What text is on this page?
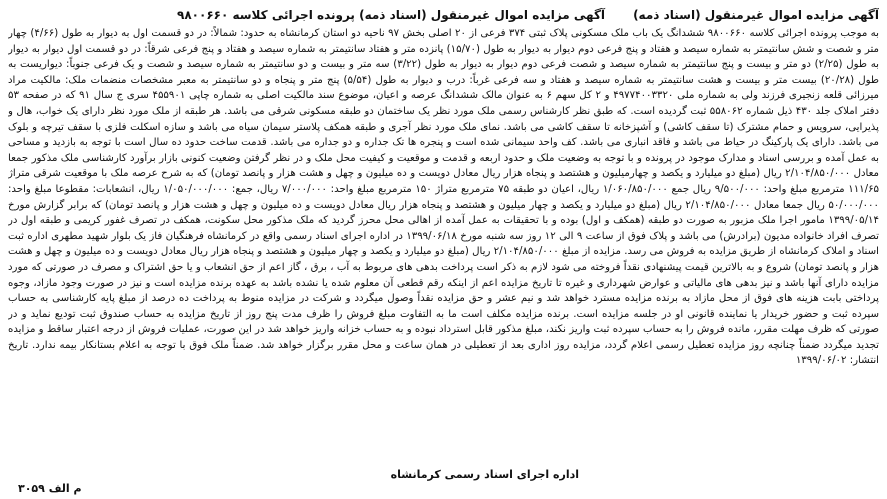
آگهی مزایده اموال غیرمنقول (اسناد ذمه)
آگهی مزایده اموال غیرمنقول (اسناد ذمه) پرونده اجرائی کلاسه ۹۸۰۰۶۶۰
به موجب پرونده اجرائی کلاسه ۹۸۰۰۶۶۰ ششدانگ یک باب ملک مسکونی پلاک ثبتی ۳۷۴ فرعی از ۲۰ اصلی بخش ۹۷ ناحیه دو استان کرمانشاه به حدود: شمالاً: در دو قسمت اول به دیوار به طول (۴/۶۶) چهار متر و شصت و شش سانتیمتر به شماره سیصد و هفتاد و پنج فرعی دوم دیوار به دیوار به طول (۱۵/۷۰) پانزده متر و هفتاد سانتیمتر به شماره سیصد و هفتاد و پنج فرعی شرقاً: در دو قسمت اول دیوار به دیوار به طول (۲/۲۵) دو متر و بیست و پنج سانتیمتر به شماره سیصد و شصت فرعی دوم دیوار به دیوار به طول (۳/۲۲) سه متر و بیست و دو سانتیمتر به شماره سیصد و شصت و یک فرعی جنوباً: دیواریست به طول (۲۰/۲۸) بیست متر و بیست و هشت سانتیمتر به شماره سیصد و هفتاد و سه فرعی غرباً: درب و دیوار به طول (۵/۵۴) پنج متر و پنجاه و دو سانتیمتر به معبر مشخصات منضمات ملک: مالکیت مراد میرزائی قلعه زنجیری فرزند ولی به شماره ملی ۴۹۷۷۴۰۰۳۳۲۰ و ۲ کل سهم ۶ به عنوان مالک ششدانگ عرصه و اعیان، موضوع سند مالکیت اصلی به شماره چاپی ۴۵۵۹۰۱ سری ج سال ۹۱ که در صفحه ۵۳ دفتر املاک جلد ۴۳۰ ذیل شماره ۵۵۸۰۶۲ ثبت گردیده است. که طبق نظر کارشناس رسمی ملک مورد نظر یک ساختمان دو طبقه مسکونی شرقی می باشد. هر طبقه از ملک مورد نظر دارای یک خواب، هال و پذیرایی، سرویس و حمام مشترک (تا سقف کاشی) و آشپزخانه تا سقف کاشی می باشد. نمای ملک مورد نظر آجری و طبقه همکف پلاستر سیمان سیاه می باشد و سازه اسکلت فلزی با سقف تیرچه و بلوک می باشد. دارای یک پارکینگ در حیاط می باشد و فاقد انباری می باشد. کف واحد سیمانی شده است و پنجره ها تک جداره و دو جداره می باشد. قدمت ساخت حدود ده سال است با توجه به بازدید و مساحی به عمل آمده و بررسی اسناد و مدارک موجود در پرونده و با توجه به وضعیت ملک و حدود اربعه و قدمت و موقعیت و کیفیت محل ملک و در نظر گرفتن وضعیت کنونی بازار برآورد کارشناسی ملک مذکور جمعا معادل ۲/۱۰۴/۸۵۰/۰۰۰ ریال (مبلغ دو میلیارد و یکصد و چهارمیلیون و هشتصد و پنجاه هزار ریال معادل دویست و ده میلیون و چهل و هشت هزار و پانصد تومان) که به شرح عرصه ملک با موقعیت شرقی متراژ ۱۱۱/۶۵ مترمربع مبلغ واحد: ۹/۵۰۰/۰۰۰ ریال جمع ۱/۰۶۰/۸۵۰/۰۰۰ ریال، اعیان دو طبقه ۷۵ مترمربع متراژ ۱۵۰ مترمربع مبلغ واحد: ۷/۰۰۰/۰۰۰ ریال، جمع: ۱/۰۵۰/۰۰۰/۰۰۰ ریال، انشعابات: مقطوعا مبلغ واحد: ۵۰/۰۰۰/۰۰۰ ریال جمعا معادل ۲/۱۰۴/۸۵۰/۰۰۰ ریال (مبلغ دو میلیارد و یکصد و چهار میلیون و هشتصد و پنجاه هزار ریال معادل دویست و ده میلیون و چهل و هشت هزار و پانصد تومان) که برابر گزارش مورخ ۱۳۹۹/۰۵/۱۴ مامور اجرا ملک مزبور به صورت دو طبقه (همکف و اول) بوده و با تحقیقات به عمل آمده از اهالی محل محرز گردید که ملک مذکور محل سکونت، همکف در تصرف غفور کریمی و طبقه اول در تصرف افراد خانواده مدیون (برادرش) می باشد و پلاک فوق از ساعت ۹ الی ۱۲ روز سه شنبه مورخ ۱۳۹۹/۰۶/۱۸ در اداره اجرای اسناد رسمی واقع در کرمانشاه فرهنگیان فاز یک بلوار شهید مطهری اداره ثبت اسناد و املاک کرمانشاه از طریق مزایده به فروش می رسد. مزایده از مبلغ ۲/۱۰۴/۸۵۰/۰۰۰ ریال (مبلغ دو میلیارد و یکصد و چهار میلیون و هشتصد و پنجاه هزار ریال معادل دویست و ده میلیون و چهل و هشت هزار و پانصد تومان) شروع و به بالاترین قیمت پیشنهادی نقداً فروخته می شود لازم به ذکر است پرداخت بدهی های مربوط به آب ، برق ، گاز اعم از حق انشعاب و یا حق اشتراک و مصرف در صورتی که مورد مزایده دارای آنها باشد و نیز بدهی های مالیاتی و عوارض شهرداری و غیره تا تاریخ مزایده اعم از اینکه رقم قطعی آن معلوم شده یا نشده باشد به عهده برنده مزایده است و نیز در صورت وجود مازاد، وجوه پرداختی بابت هزینه های فوق از محل مازاد به برنده مزایده مسترد خواهد شد و نیم عشر و حق مزایده نقداً وصول میگردد و شرکت در مزایده منوط به پرداخت ده درصد از مبلغ پایه کارشناسی به حساب سپرده ثبت و حضور خریدار یا نماینده قانونی او در جلسه مزایده است. برنده مزایده مکلف است ما به التفاوت مبلغ فروش را ظرف مدت پنج روز از تاریخ مزایده به حساب صندوق ثبت تودیع نماید و در صورتی که ظرف مهلت مقرر، مانده فروش را به حساب سپرده ثبت واریز نکند، مبلغ مذکور قابل استرداد نبوده و به حساب خزانه واریز خواهد شد در این صورت، عملیات فروش از درجه اعتبار ساقط و مزایده تجدید میگردد ضمناً چنانچه روز مزایده تعطیل رسمی اعلام گردد، مزایده روز اداری بعد از تعطیلی در همان ساعت و محل مقرر برگزار خواهد شد. ضمناً ملک فوق با توجه به اعلام بستانکار بیمه ندارد. تاریخ انتشار: ۱۳۹۹/۰۶/۰۲
اداره اجرای اسناد رسمی کرمانشاه
۳۰۵۹ م الف
